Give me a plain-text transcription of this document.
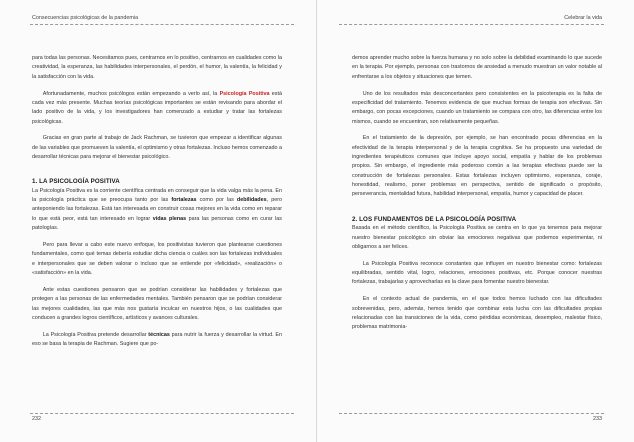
Consecuencias psicológicas de la pandemia

para todas las personas. Necesitamos pues, centrarnos en lo positivo, centrarnos en cualidades como la creatividad, la esperanza, las habilidades interpersonales, el perdón, el humor, la valentía, la felicidad y la satisfacción con la vida.

  Afortunadamente, muchos psicólogos están empezando a verlo así, la Psicología Positiva está cada vez más presente. Muchas teorías psicológicas importantes se están revisando para abordar el lado positivo de la vida, y los investigadores han comenzado a estudiar y tratar las fortalezas psicológicas.

  Gracias en gran parte al trabajo de Jack Rachman, se tuvieron que empezar a identificar algunas de las variables que promueven la valentía, el optimismo y otras fortalezas. Incluso hemos comenzado a desarrollar técnicas para mejorar el bienestar psicológico.

1. LA PSICOLOGÍA POSITIVA

La Psicología Positiva es la corriente científica centrada en conseguir que la vida valga más la pena. En la psicología práctica que se preocupa tanto por las fortalezas como por las debilidades, pero anteponiendo las fortalezas. Está tan interesada en construir cosas mejores en la vida como en reparar lo que está peor, está tan interesado en lograr vidas plenas para las personas como en curar las patologías.

  Pero para llevar a cabo este nuevo enfoque, los positivistas tuvieron que plantearse cuestiones fundamentales, como qué temas debería estudiar dicha ciencia o cuáles son las fortalezas individuales e interpersonales que se deben valorar o incluso que se entiende por «felicidad», «realización» o «satisfacción» en la vida.

  Ante estas cuestiones pensaron que se podrían considerar las habilidades y fortalezas que protegen a las personas de las enfermedades mentales. También pensaron que se podrían considerar las mejores cualidades, las que más nos gustaría inculcar en nuestros hijos, o las cualidades que conducen a grandes logros científicos, artísticos y avances culturales.

  La Psicología Positiva pretende desarrollar técnicas para nutrir la fuerza y desarrollar la virtud. En eso se basa la terapia de Rachman. Sugiere que po-

232
Celebrar la vida

demos aprender mucho sobre la fuerza humana y no solo sobre la debilidad examinando lo que sucede en la terapia. Por ejemplo, personas con trastornos de ansiedad a menudo muestran un valor notable al enfrentarse a los objetos y situaciones que temen.

  Uno de los resultados más desconcertantes pero consistentes en la psicoterapia es la falta de especificidad del tratamiento. Tenemos evidencia de que muchas formas de terapia son efectivas. Sin embargo, con pocas excepciones, cuando un tratamiento se compara con otro, las diferencias entre los mismos, cuando se encuentran, son relativamente pequeñas.

  En el tratamiento de la depresión, por ejemplo, se han encontrado pocas diferencias en la efectividad de la terapia interpersonal y de la terapia cognitiva. Se ha propuesto una variedad de ingredientes terapéuticos comunes que incluye apoyo social, empatía y hablar de los problemas propios. Sin embargo, el ingrediente más poderoso común a las terapias efectivas puede ser la construcción de fortalezas personales. Estas fortalezas incluyen optimismo, esperanza, coraje, honestidad, realismo, poner problemas en perspectiva, sentido de significado o propósito, perseverancia, mentalidad futura, habilidad interpersonal, empatía, humor y capacidad de placer.

2. LOS FUNDAMENTOS DE LA PSICOLOGÍA POSITIVA

Basada en el método científico, la Psicología Positiva se centra en lo que ya tenemos para mejorar nuestro bienestar psicológico sin obviar las emociones negativas que podemos experimentar, ni obligarnos a ser felices.

  La Psicología Positiva reconoce constantes que influyen en nuestro bienestar como: fortalezas equilibradas, sentido vital, logro, relaciones, emociones positivas, etc. Porque conocer nuestras fortalezas, trabajarlas y aprovecharlas es la clave para fomentar nuestro bienestar.

  En el contexto actual de pandemia, en el que todos hemos luchado con las dificultades sobrevenidas, pero, además, hemos tenido que combinar esta lucha con las dificultades propias relacionadas con las transiciones de la vida, como pérdidas económicas, desempleo, malestar físico, problemas matrimonia-

233
